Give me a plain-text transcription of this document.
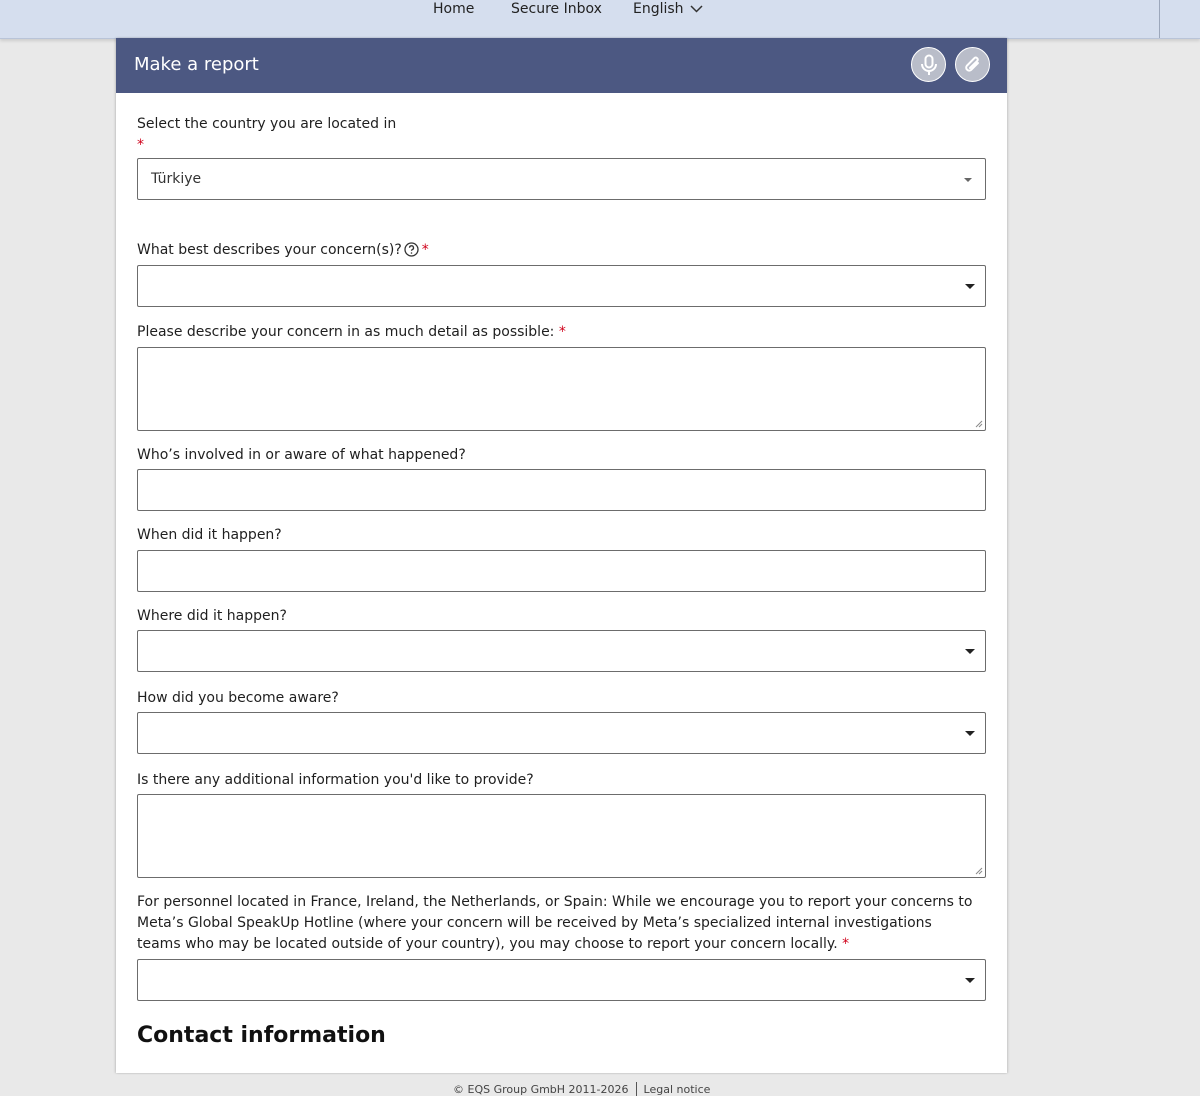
Home	Secure Inbox English
Make a report
Select the country you are located in
*
Türkiye
What best describes your concern(s)? *
Please describe your concern in as much detail as possible: *
Who’s involved in or aware of what happened?
When did it happen?
Where did it happen?
How did you become aware?
Is there any additional information you'd like to provide?
For personnel located in France, Ireland, the Netherlands, or Spain: While we encourage you to report your concerns to Meta’s Global SpeakUp Hotline (where your concern will be received by Meta’s specialized internal investigations teams who may be located outside of your country), you may choose to report your concern locally. *
Contact information
© EQS Group GmbH 2011-2026 Legal notice
